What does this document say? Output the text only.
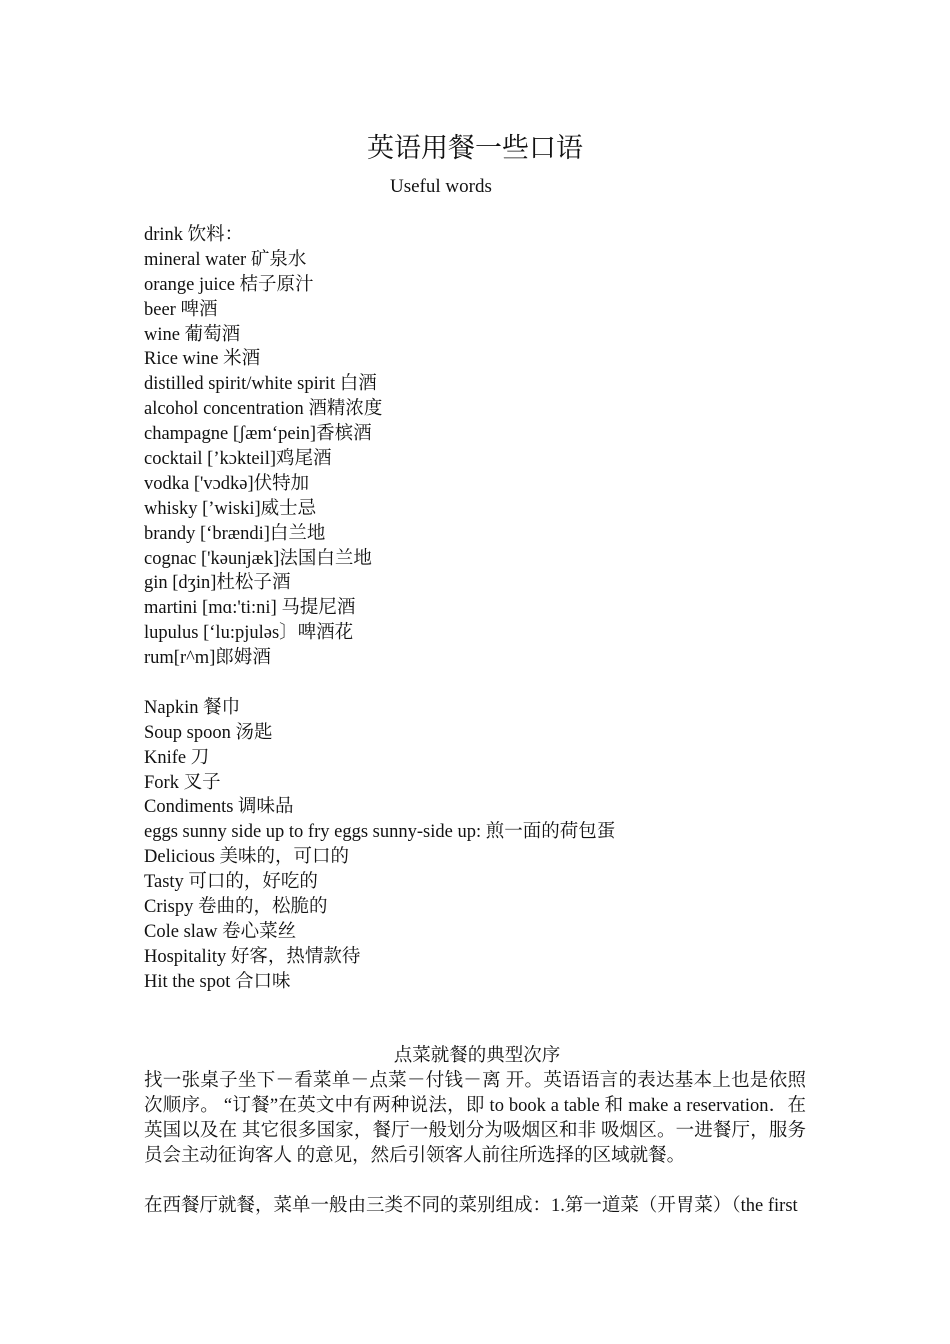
英语用餐一些口语
Useful words
drink 饮料：
mineral water 矿泉水
orange juice 桔子原汁
beer 啤酒
wine 葡萄酒
Rice wine 米酒
distilled spirit/white spirit 白酒
alcohol concentration 酒精浓度
champagne [ʃæm‘pein]香槟酒
cocktail [’kɔkteil]鸡尾酒
vodka ['vɔdkə]伏特加
whisky [’wiski]威士忌
brandy [‘brændi]白兰地
cognac ['kəunjæk]法国白兰地
gin [dʒin]杜松子酒
martini [mɑ:'ti:ni] 马提尼酒
lupulus [‘lu:pjuləs〕啤酒花
rum[r^m]郎姆酒
Napkin 餐巾
Soup spoon 汤匙
Knife 刀
Fork 叉子
Condiments 调味品
eggs sunny side up to fry eggs sunny-side up: 煎一面的荷包蛋
Delicious 美味的，可口的
Tasty 可口的，好吃的
Crispy 卷曲的，松脆的
Cole slaw 卷心菜丝
Hospitality 好客，热情款待
Hit the spot 合口味
点菜就餐的典型次序
找一张桌子坐下－看菜单－点菜－付钱－离 开。英语语言的表达基本上也是依照次顺序。 “订餐”在英文中有两种说法，即 to book a table 和 make a reservation．在英国以及在 其它很多国家，餐厅一般划分为吸烟区和非 吸烟区。一进餐厅，服务员会主动征询客人 的意见，然后引领客人前往所选择的区域就餐。
在西餐厅就餐，菜单一般由三类不同的菜别组成：1.第一道菜（开胃菜）（the first
